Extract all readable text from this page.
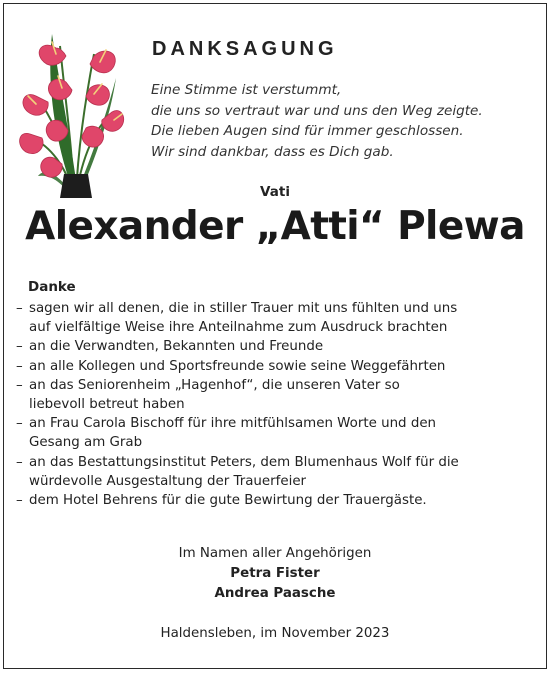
DANKSAGUNG
Eine Stimme ist verstummt,
die uns so vertraut war und uns den Weg zeigte.
Die lieben Augen sind für immer geschlossen.
Wir sind dankbar, dass es Dich gab.
Vati
Alexander „Atti“ Plewa
Danke
– sagen wir all denen, die in stiller Trauer mit uns fühlten und uns
auf vielfältige Weise ihre Anteilnahme zum Ausdruck brachten
– an die Verwandten, Bekannten und Freunde
– an alle Kollegen und Sportsfreunde sowie seine Weggefährten
– an das Seniorenheim „Hagenhof“, die unseren Vater so
liebevoll betreut haben
– an Frau Carola Bischoff für ihre mitfühlsamen Worte und den
Gesang am Grab
– an das Bestattungsinstitut Peters, dem Blumenhaus Wolf für die
würdevolle Ausgestaltung der Trauerfeier
– dem Hotel Behrens für die gute Bewirtung der Trauergäste.
Im Namen aller Angehörigen
Petra Fister
Andrea Paasche
Haldensleben, im November 2023
